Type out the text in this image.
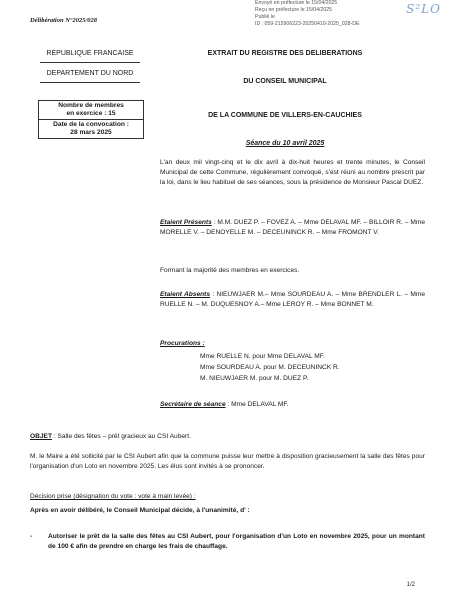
Envoyé en préfecture le 15/04/2025
Reçu en préfecture le 15/04/2025
Publié le
ID : 059-215906223-20250410-2025_028-DE
S²LO
Délibération N°2025/028
REPUBLIQUE FRANCAISE
DEPARTEMENT DU NORD
Nombre de membres
en exercice : 15
Date de la convocation :
28 mars 2025
EXTRAIT DU REGISTRE DES DELIBERATIONS
DU CONSEIL MUNICIPAL
DE LA COMMUNE DE VILLERS-EN-CAUCHIES
Séance du 10 avril 2025
L'an deux mil vingt-cinq et le dix avril à dix-huit heures et trente minutes, le Conseil Municipal de cette Commune, régulièrement convoqué, s'est réuni au nombre prescrit par la loi, dans le lieu habituel de ses séances, sous la présidence de Monsieur Pascal DUEZ.
Etaient Présents : M.M. DUEZ P. – FOVEZ A. – Mme DELAVAL MF. – BILLOIR R. – Mme MORELLE V. – DENOYELLE M. – DECEUNINCK R. – Mme FROMONT V.
Formant la majorité des membres en exercices.
Etaient Absents : NIEUWJAER M.– Mme SOURDEAU A. – Mme BRENDLER L. – Mme RUELLE N. – M. DUQUESNOY A.– Mme LEROY R. – Mme BONNET M.
Procurations :
Mme RUELLE N. pour Mme DELAVAL MF.
Mme SOURDEAU A. pour M. DECEUNINCK R.
M. NIEUWJAER M. pour M. DUEZ P.
Secrétaire de séance : Mme DELAVAL MF.
OBJET : Salle des fêtes – prêt gracieux au CSI Aubert.
M. le Maire a été sollicité par le CSI Aubert afin que la commune puisse leur mettre à disposition gracieusement la salle des fêtes pour l'organisation d'un Loto en novembre 2025. Les élus sont invités à se prononcer.
Décision prise (désignation du vote : vote à main levée) :
Après en avoir délibéré, le Conseil Municipal décide, à l'unanimité, d' :
- Autoriser le prêt de la salle des fêtes au CSI Aubert, pour l'organisation d'un Loto en novembre 2025, pour un montant de 100 € afin de prendre en charge les frais de chauffage.
1/2
